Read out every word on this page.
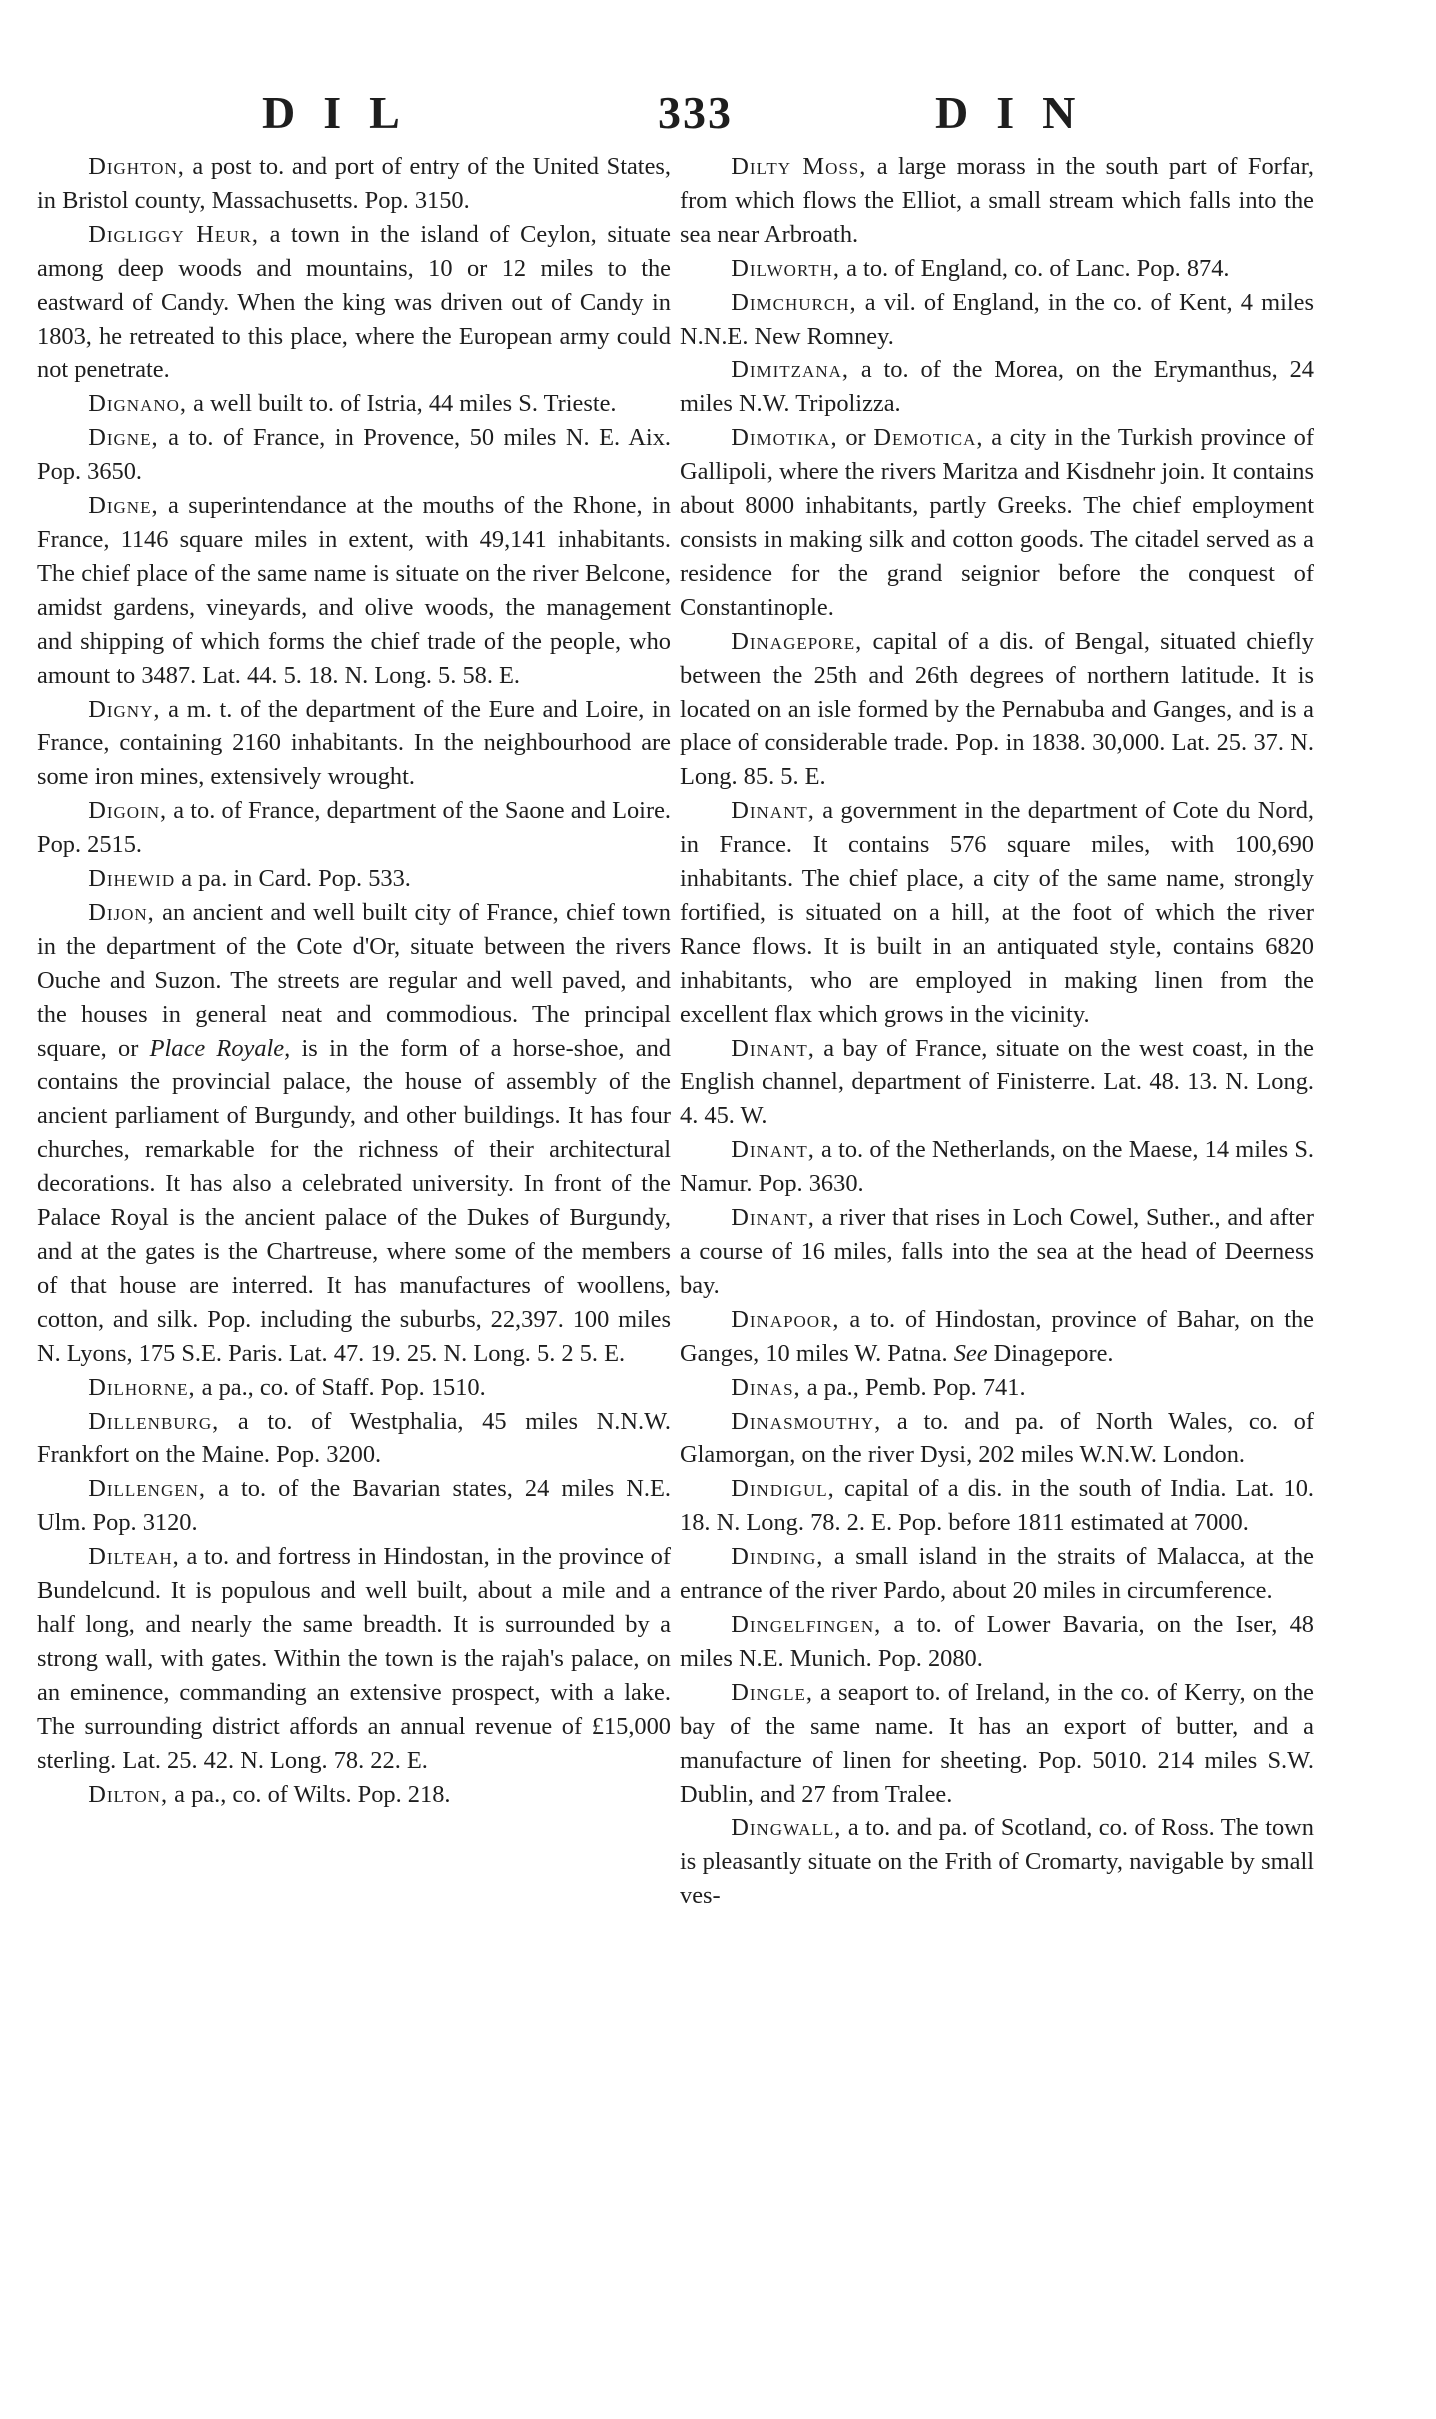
DIL	333	DIN

Dighton, a post to. and port of entry of the United States, in Bristol county, Massachusetts. Pop. 3150.

Digliggy Heur, a town in the island of Ceylon, situate among deep woods and mountains, 10 or 12 miles to the eastward of Candy. When the king was driven out of Candy in 1803, he retreated to this place, where the European army could not penetrate.

Dignano, a well built to. of Istria, 44 miles S. Trieste.

Digne, a to. of France, in Provence, 50 miles N. E. Aix. Pop. 3650.

Digne, a superintendance at the mouths of the Rhone, in France, 1146 square miles in extent, with 49,141 inhabitants. The chief place of the same name is situate on the river Belcone, amidst gardens, vineyards, and olive woods, the management and shipping of which forms the chief trade of the people, who amount to 3487. Lat. 44. 5. 18. N. Long. 5. 58. E.

Digny, a m. t. of the department of the Eure and Loire, in France, containing 2160 inhabitants. In the neighbourhood are some iron mines, extensively wrought.

Digoin, a to. of France, department of the Saone and Loire. Pop. 2515.

Dihewid a pa. in Card. Pop. 533.

Dijon, an ancient and well built city of France, chief town in the department of the Cote d'Or, situate between the rivers Ouche and Suzon. The streets are regular and well paved, and the houses in general neat and commodious. The principal square, or Place Royale, is in the form of a horse-shoe, and contains the provincial palace, the house of assembly of the ancient parliament of Burgundy, and other buildings. It has four churches, remarkable for the richness of their architectural decorations. It has also a celebrated university. In front of the Palace Royal is the ancient palace of the Dukes of Burgundy, and at the gates is the Chartreuse, where some of the members of that house are interred. It has manufactures of woollens, cotton, and silk. Pop. including the suburbs, 22,397. 100 miles N. Lyons, 175 S.E. Paris. Lat. 47. 19. 25. N. Long. 5. 2 5. E.

Dilhorne, a pa., co. of Staff. Pop. 1510.

Dillenburg, a to. of Westphalia, 45 miles N.N.W. Frankfort on the Maine. Pop. 3200.

Dillengen, a to. of the Bavarian states, 24 miles N.E. Ulm. Pop. 3120.

Dilteah, a to. and fortress in Hindostan, in the province of Bundelcund. It is populous and well built, about a mile and a half long, and nearly the same breadth. It is surrounded by a strong wall, with gates. Within the town is the rajah's palace, on an eminence, commanding an extensive prospect, with a lake. The surrounding district affords an annual revenue of £15,000 sterling. Lat. 25. 42. N. Long. 78. 22. E.

Dilton, a pa., co. of Wilts. Pop. 218.

Dilty Moss, a large morass in the south part of Forfar, from which flows the Elliot, a small stream which falls into the sea near Arbroath.

Dilworth, a to. of England, co. of Lanc. Pop. 874.

Dimchurch, a vil. of England, in the co. of Kent, 4 miles N.N.E. New Romney.

Dimitzana, a to. of the Morea, on the Erymanthus, 24 miles N.W. Tripolizza.

Dimotika, or Demotica, a city in the Turkish province of Gallipoli, where the rivers Maritza and Kisdnehr join. It contains about 8000 inhabitants, partly Greeks. The chief employment consists in making silk and cotton goods. The citadel served as a residence for the grand seignior before the conquest of Constantinople.

Dinagepore, capital of a dis. of Bengal, situated chiefly between the 25th and 26th degrees of northern latitude. It is located on an isle formed by the Pernabuba and Ganges, and is a place of considerable trade. Pop. in 1838. 30,000. Lat. 25. 37. N. Long. 85. 5. E.

Dinant, a government in the department of Cote du Nord, in France. It contains 576 square miles, with 100,690 inhabitants. The chief place, a city of the same name, strongly fortified, is situated on a hill, at the foot of which the river Rance flows. It is built in an antiquated style, contains 6820 inhabitants, who are employed in making linen from the excellent flax which grows in the vicinity.

Dinant, a bay of France, situate on the west coast, in the English channel, department of Finisterre. Lat. 48. 13. N. Long. 4. 45. W.

Dinant, a to. of the Netherlands, on the Maese, 14 miles S. Namur. Pop. 3630.

Dinant, a river that rises in Loch Cowel, Suther., and after a course of 16 miles, falls into the sea at the head of Deerness bay.

Dinapoor, a to. of Hindostan, province of Bahar, on the Ganges, 10 miles W. Patna. See Dinagepore.

Dinas, a pa., Pemb. Pop. 741.

Dinasmouthy, a to. and pa. of North Wales, co. of Glamorgan, on the river Dysi, 202 miles W.N.W. London.

Dindigul, capital of a dis. in the south of India. Lat. 10. 18. N. Long. 78. 2. E. Pop. before 1811 estimated at 7000.

Dinding, a small island in the straits of Malacca, at the entrance of the river Pardo, about 20 miles in circumference.

Dingelfingen, a to. of Lower Bavaria, on the Iser, 48 miles N.E. Munich. Pop. 2080.

Dingle, a seaport to. of Ireland, in the co. of Kerry, on the bay of the same name. It has an export of butter, and a manufacture of linen for sheeting. Pop. 5010. 214 miles S.W. Dublin, and 27 from Tralee.

Dingwall, a to. and pa. of Scotland, co. of Ross. The town is pleasantly situate on the Frith of Cromarty, navigable by small ves-
